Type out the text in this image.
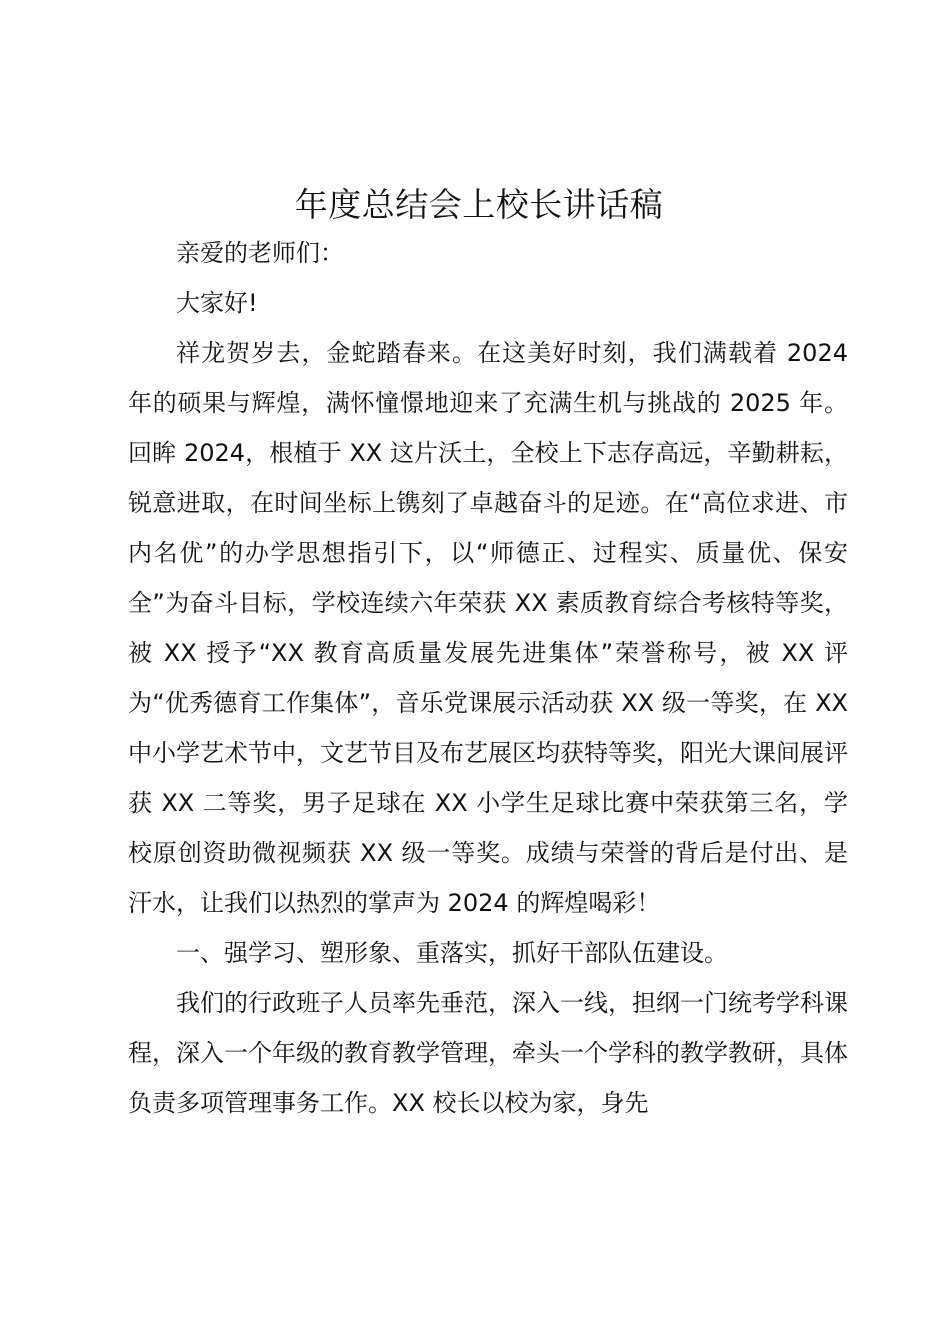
年度总结会上校长讲话稿

亲爱的老师们：

大家好!

祥龙贺岁去，金蛇踏春来。在这美好时刻，我们满载着 2024 年的硕果与辉煌，满怀憧憬地迎来了充满生机与挑战的 2025 年。回眸 2024，根植于 XX 这片沃土，全校上下志存高远，辛勤耕耘，锐意进取，在时间坐标上镌刻了卓越奋斗的足迹。在“高位求进、市内名优”的办学思想指引下，以“师德正、过程实、质量优、保安全”为奋斗目标，学校连续六年荣获 XX 素质教育综合考核特等奖，被 XX 授予“XX 教育高质量发展先进集体”荣誉称号，被 XX 评为“优秀德育工作集体”，音乐党课展示活动获 XX 级一等奖，在 XX 中小学艺术节中，文艺节目及布艺展区均获特等奖，阳光大课间展评获 XX 二等奖，男子足球在 XX 小学生足球比赛中荣获第三名，学校原创资助微视频获 XX 级一等奖。成绩与荣誉的背后是付出、是汗水，让我们以热烈的掌声为 2024 的辉煌喝彩！

一、强学习、塑形象、重落实，抓好干部队伍建设。

我们的行政班子人员率先垂范，深入一线，担纲一门统考学科课程，深入一个年级的教育教学管理，牵头一个学科的教学教研，具体负责多项管理事务工作。XX 校长以校为家，身先
